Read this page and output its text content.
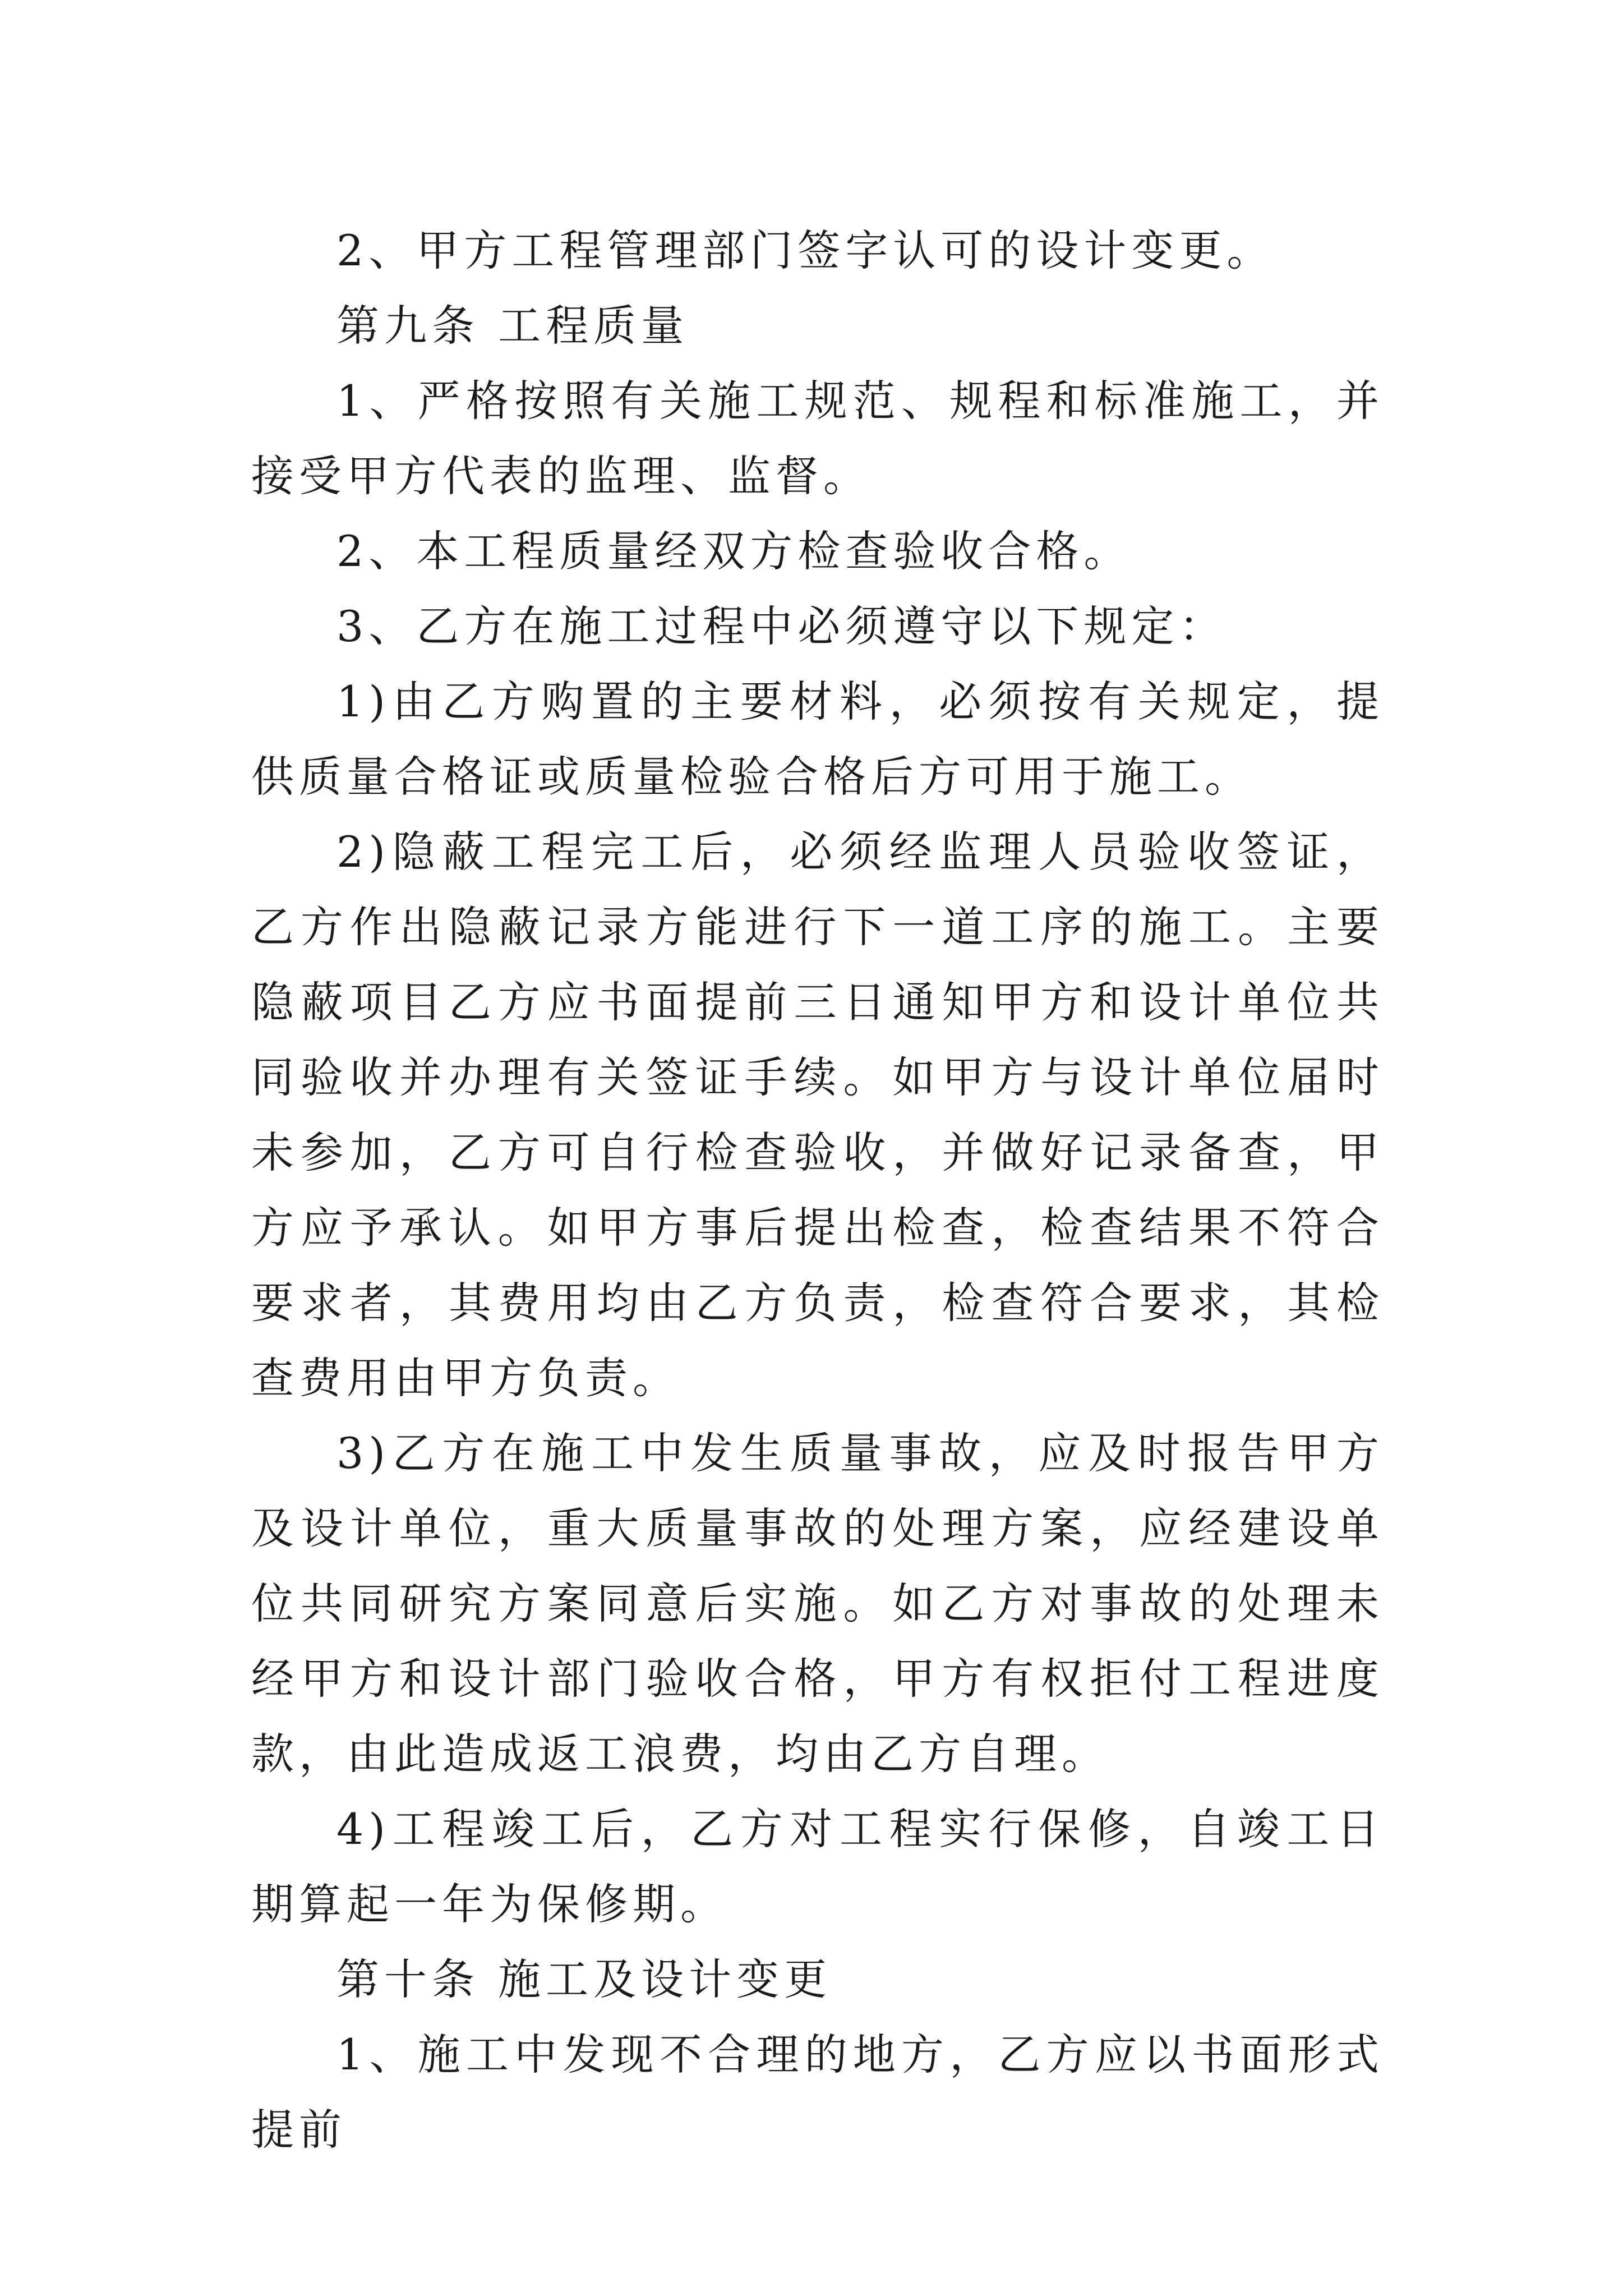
2、甲方工程管理部门签字认可的设计变更。

第九条 工程质量

1、严格按照有关施工规范、规程和标准施工，并接受甲方代表的监理、监督。

2、本工程质量经双方检查验收合格。

3、乙方在施工过程中必须遵守以下规定：

1)由乙方购置的主要材料，必须按有关规定，提供质量合格证或质量检验合格后方可用于施工。

2)隐蔽工程完工后，必须经监理人员验收签证，乙方作出隐蔽记录方能进行下一道工序的施工。主要隐蔽项目乙方应书面提前三日通知甲方和设计单位共同验收并办理有关签证手续。如甲方与设计单位届时未参加，乙方可自行检查验收，并做好记录备查，甲方应予承认。如甲方事后提出检查，检查结果不符合要求者，其费用均由乙方负责，检查符合要求，其检查费用由甲方负责。

3)乙方在施工中发生质量事故，应及时报告甲方及设计单位，重大质量事故的处理方案，应经建设单位共同研究方案同意后实施。如乙方对事故的处理未经甲方和设计部门验收合格，甲方有权拒付工程进度款，由此造成返工浪费，均由乙方自理。

4)工程竣工后，乙方对工程实行保修，自竣工日期算起一年为保修期。

第十条 施工及设计变更

1、施工中发现不合理的地方，乙方应以书面形式提前
